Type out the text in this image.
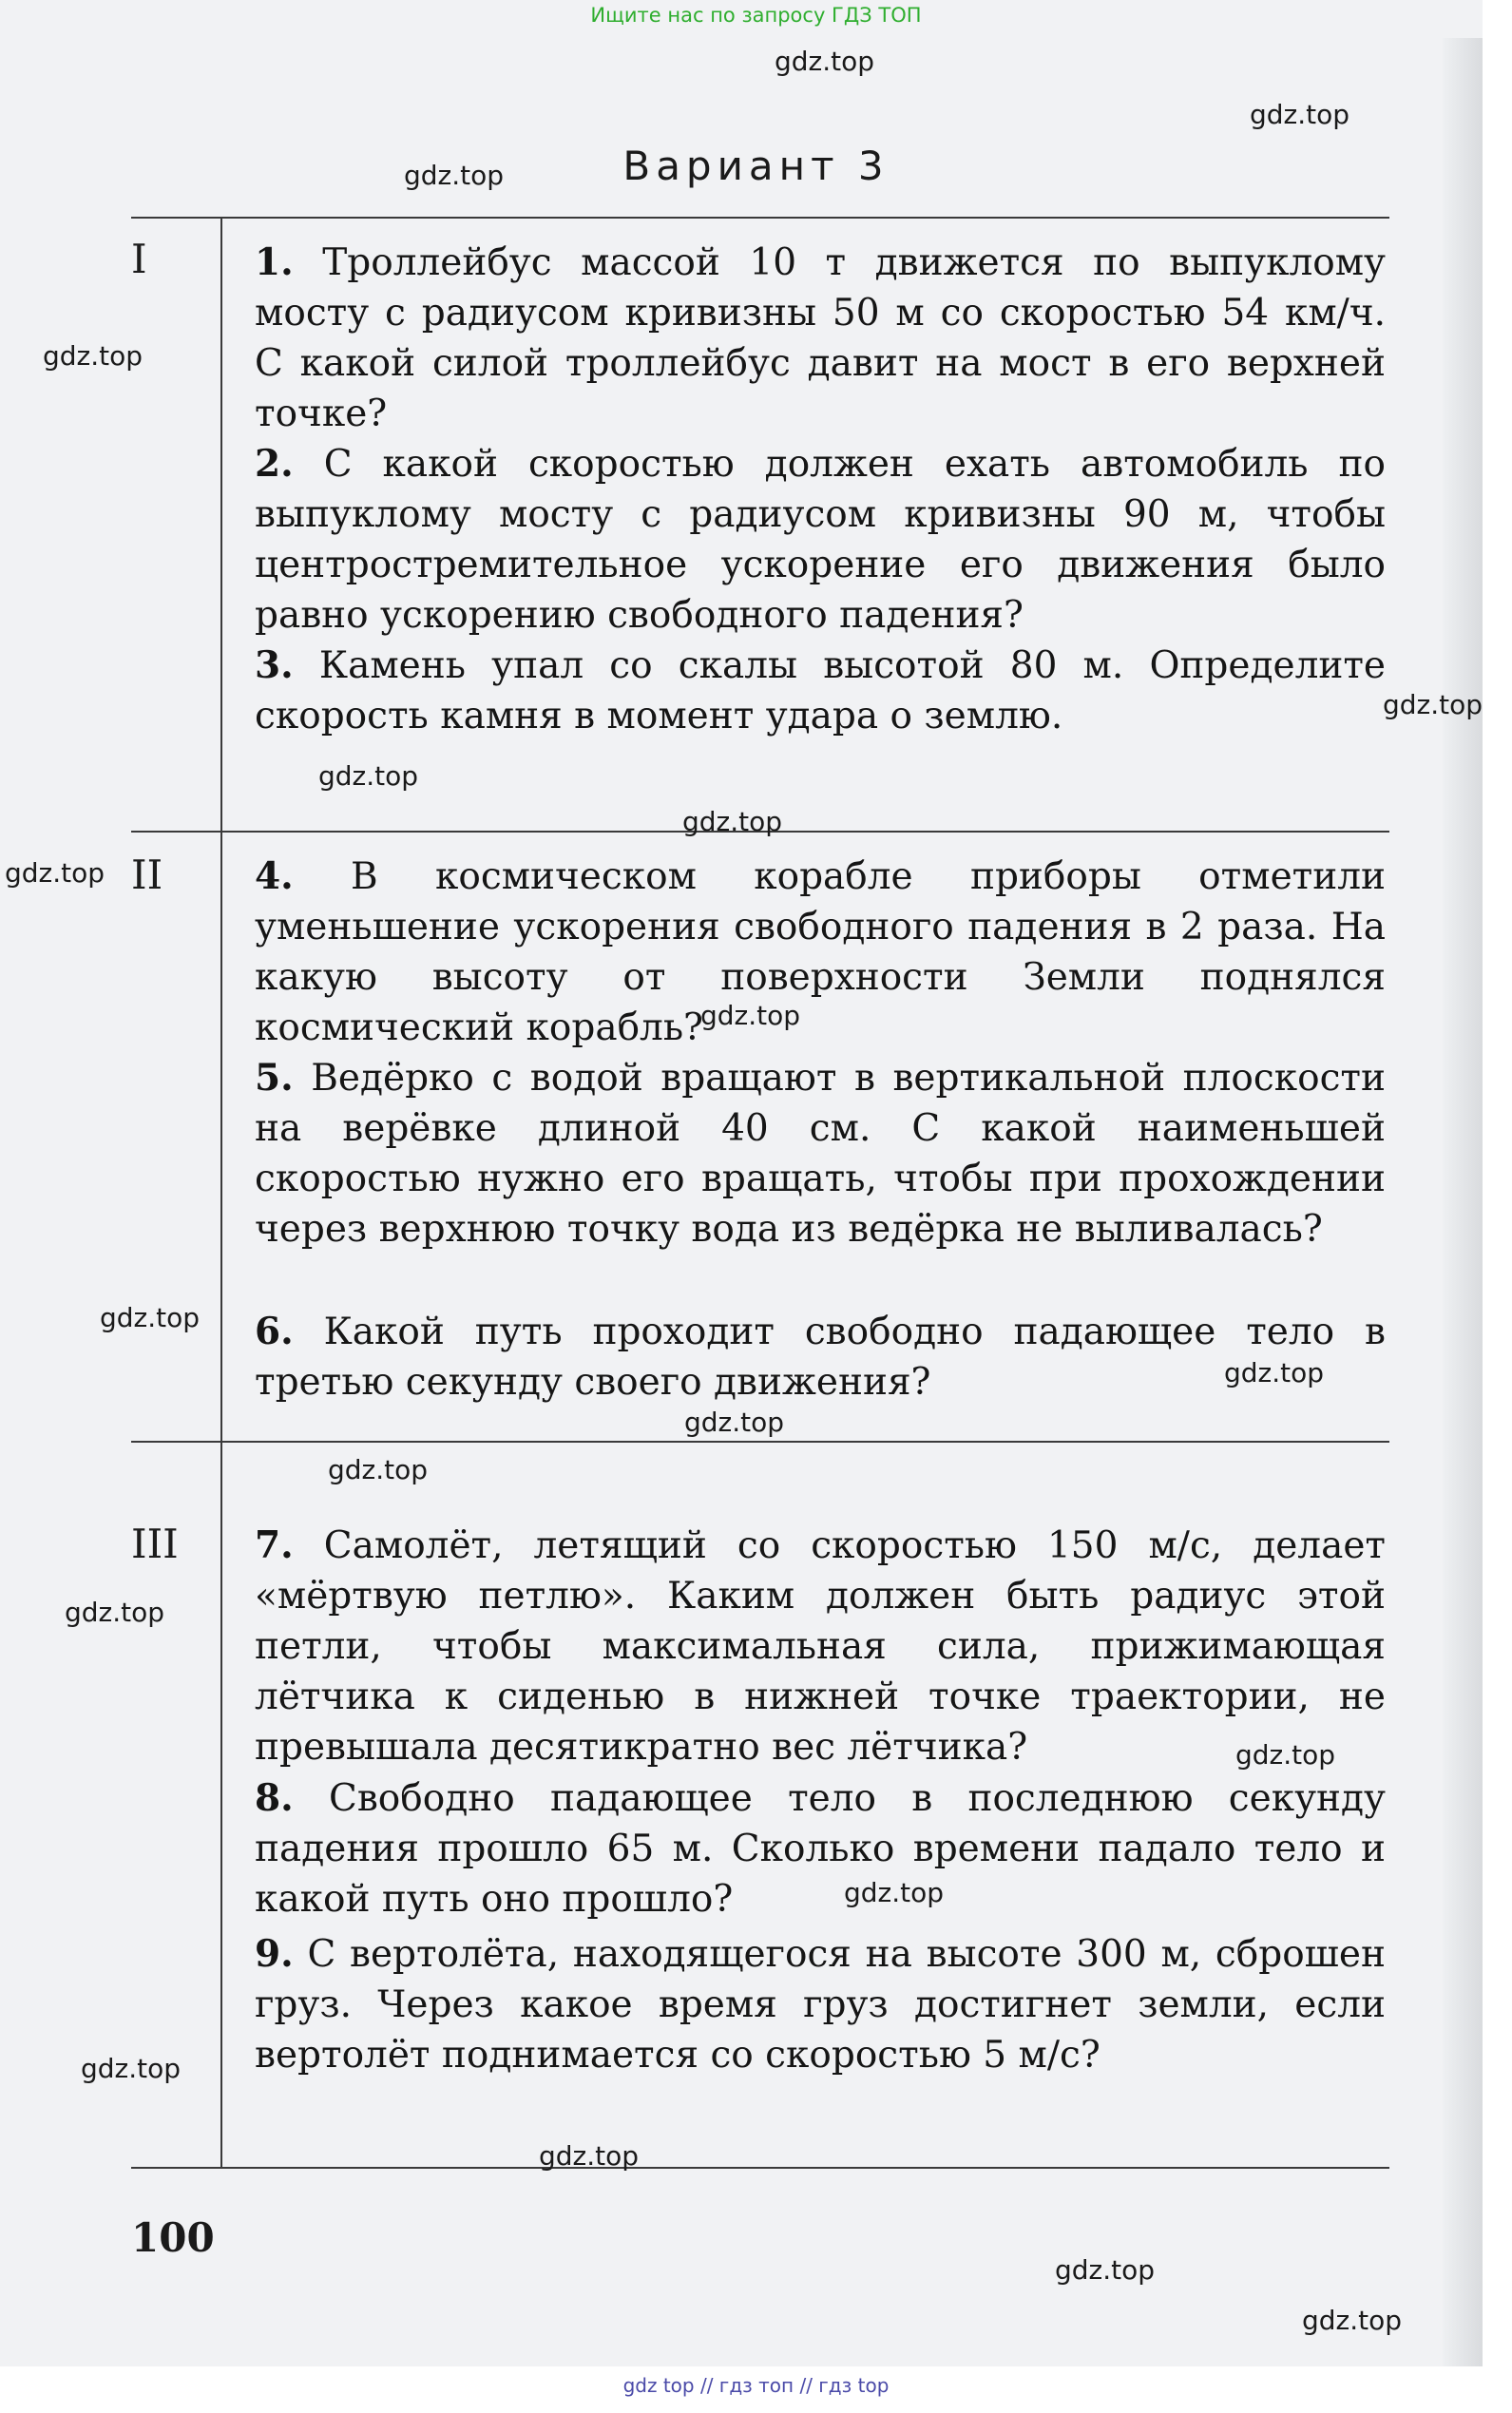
Вариант 3
I	1. Троллейбус массой 10 т движется по выпуклому мосту с радиусом кривизны 50 м со скоростью 54 км/ч. С какой силой троллейбус давит на мост в его верхней точке?
2. С какой скоростью должен ехать автомобиль по выпуклому мосту с радиусом кривизны 90 м, чтобы центростремительное ускорение его движения было равно ускорению свободного падения?
3. Камень упал со скалы высотой 80 м. Определите скорость камня в момент удара о землю.
II 4. В космическом корабле приборы отметили уменьшение ускорения свободного падения в 2 раза. На какую высоту от поверхности Земли поднялся космический корабль?
5. Ведёрко с водой вращают в вертикальной плоскости на верёвке длиной 40 см. С какой наименьшей скоростью нужно его вращать, чтобы при прохождении через верхнюю точку вода из ведёрка не выливалась?
6. Какой путь проходит свободно падающее тело в третью секунду своего движения?
III 7. Самолёт, летящий со скоростью 150 м/с, делает «мёртвую петлю». Каким должен быть радиус этой петли, чтобы максимальная сила, прижимающая лётчика к сиденью в нижней точке траектории, не превышала десятикратно вес лётчика?
8. Свободно падающее тело в последнюю секунду падения прошло 65 м. Сколько времени падало тело и какой путь оно прошло?
9. С вертолёта, находящегося на высоте 300 м, сброшен груз. Через какое время груз достигнет земли, если вертолёт поднимается со скоростью 5 м/с?
100
gdz.top
gdz.top
gdz.top
gdz.top
gdz.top
gdz.top
gdz.top
gdz.top
gdz.top
gdz.top
gdz.top
gdz.top
gdz.top
gdz.top
gdz.top
gdz.top
gdz.top
gdz.top
gdz.top
gdz.top
Ищите нас по запросу ГДЗ ТОП
gdz top // гдз топ // гдз top
